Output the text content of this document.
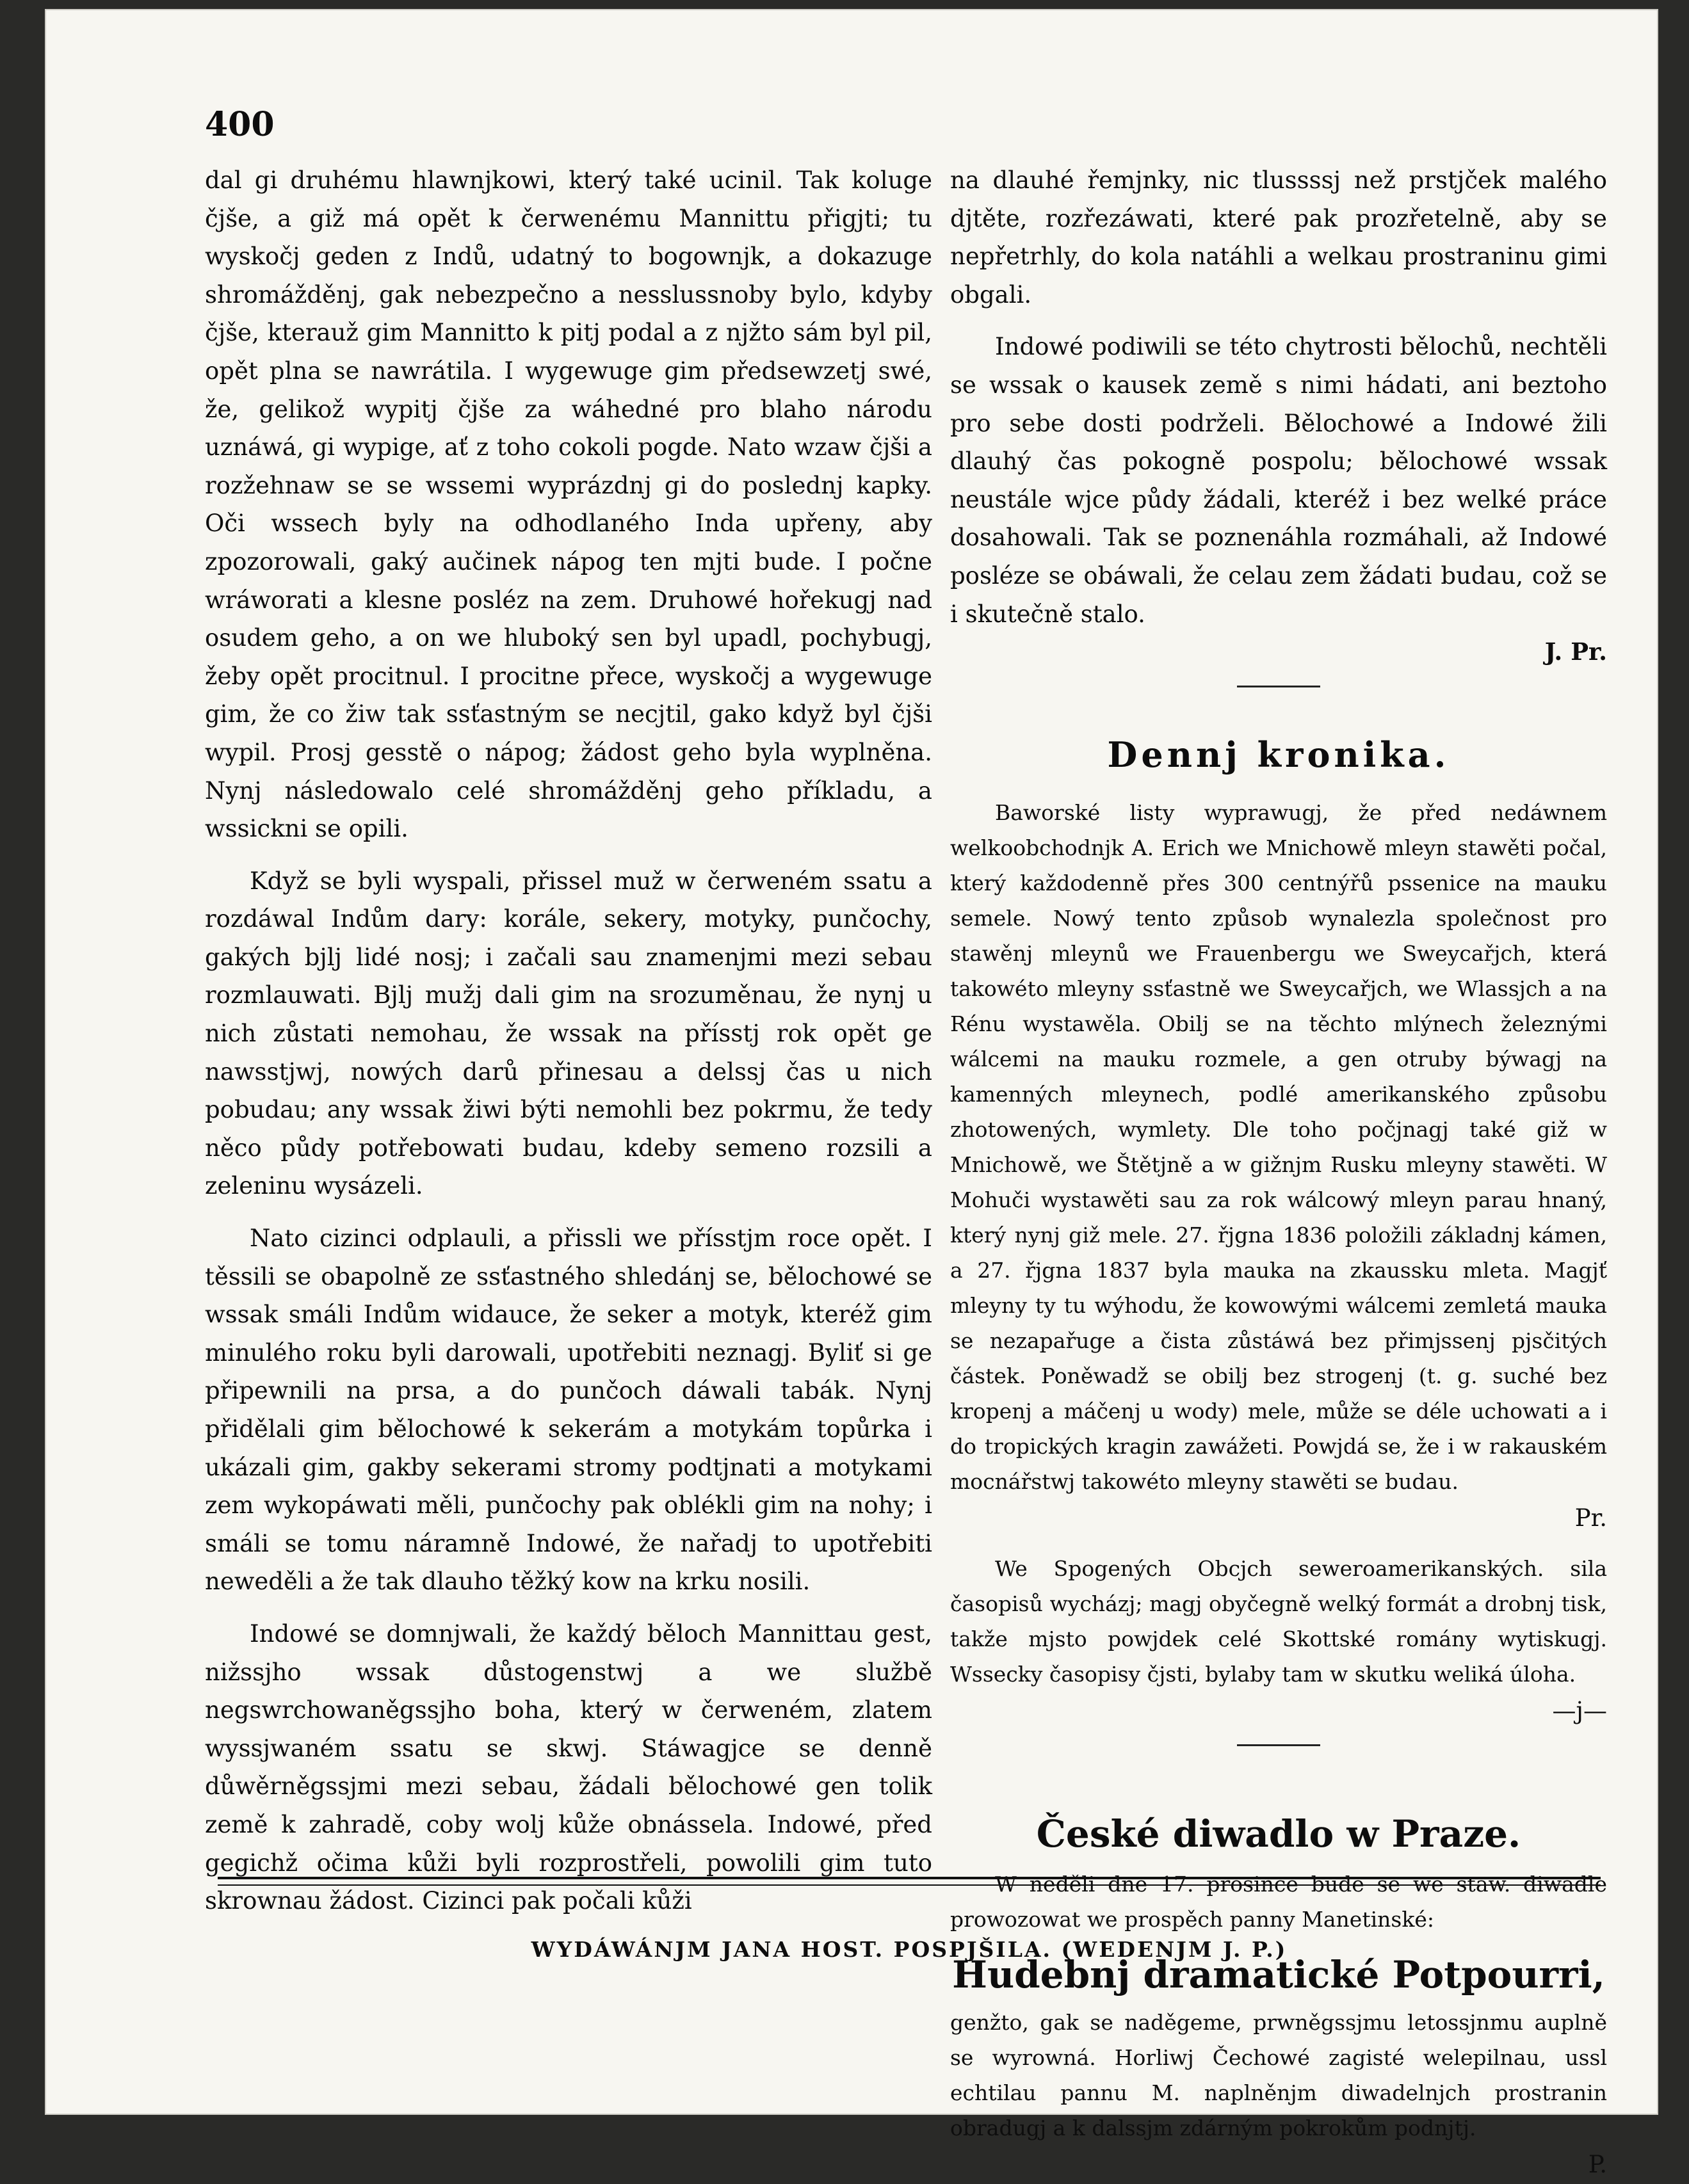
400

dal gi druhému hlawnjkowi, který také ucinil. Tak koluge čjše, a giž má opět k čerwenému Mannittu přigjti; tu wyskočj geden z Indů, udatný to bogownjk, a dokazuge shromážděnj, gak nebezpečno a nesslussnoby bylo, kdyby čjše, kterauž gim Mannitto k pitj podal a z njžto sám byl pil, opět plna se nawrátila. I wygewuge gim předsewzetj swé, že, gelikož wypitj čjše za wáhedné pro blaho národu uznáwá, gi wypige, ať z toho cokoli pogde. Nato wzaw čjši a rozžehnaw se se wssemi wyprázdnj gi do poslednj kapky. Oči wssech byly na odhodlaného Inda upřeny, aby zpozorowali, gaký aučinek nápog ten mjti bude. I počne wráworati a klesne posléz na zem. Druhowé hořekugj nad osudem geho, a on we hluboký sen byl upadl, pochybugj, žeby opět procitnul. I procitne přece, wyskočj a wygewuge gim, že co žiw tak ssťastným se necjtil, gako když byl čjši wypil. Prosj gesstě o nápog; žádost geho byla wyplněna. Nynj následowalo celé shromážděnj geho příkladu, a wssickni se opili.

Když se byli wyspali, přissel muž w čerweném ssatu a rozdáwal Indům dary: korále, sekery, motyky, punčochy, gakých bjlj lidé nosj; i začali sau znamenjmi mezi sebau rozmlauwati. Bjlj mužj dali gim na srozuměnau, že nynj u nich zůstati nemohau, že wssak na přísstj rok opět ge nawsstjwj, nowých darů přinesau a delssj čas u nich pobudau; any wssak žiwi býti nemohli bez pokrmu, že tedy něco půdy potřebowati budau, kdeby semeno rozsili a zeleninu wysázeli.

Nato cizinci odplauli, a přissli we přísstjm roce opět. I těssili se obapolně ze ssťastného shledánj se, bělochowé se wssak smáli Indům widauce, že seker a motyk, kteréž gim minulého roku byli darowali, upotřebiti neznagj. Byliť si ge připewnili na prsa, a do punčoch dáwali tabák. Nynj přidělali gim bělochowé k sekerám a motykám topůrka i ukázali gim, gakby sekerami stromy podtjnati a motykami zem wykopáwati měli, punčochy pak oblékli gim na nohy; i smáli se tomu náramně Indowé, že nařadj to upotřebiti neweděli a že tak dlauho těžký kow na krku nosili.

Indowé se domnjwali, že každý běloch Mannittau gest, nižssjho wssak důstogenstwj a we službě negswrchowaněgssjho boha, který w čerweném, zlatem wyssjwaném ssatu se skwj. Stáwagjce se denně důwěrněgssjmi mezi sebau, žádali bělochowé gen tolik země k zahradě, coby wolj kůže obnássela. Indowé, před gegichž očima kůži byli rozprostřeli, powolili gim tuto skrownau žádost. Cizinci pak počali kůži

na dlauhé řemjnky, nic tlussssj než prstjček malého djtěte, rozřezáwati, které pak prozřetelně, aby se nepřetrhly, do kola natáhli a welkau prostraninu gimi obgali.

Indowé podiwili se této chytrosti bělochů, nechtěli se wssak o kausek země s nimi hádati, ani beztoho pro sebe dosti podrželi. Bělochowé a Indowé žili dlauhý čas pokogně pospolu; bělochowé wssak neustále wjce půdy žádali, kteréž i bez welké práce dosahowali. Tak se poznenáhla rozmáhali, až Indowé posléze se obáwali, že celau zem žádati budau, což se i skutečně stalo.

J. Pr.

Dennj kronika.

Baworské listy wyprawugj, že před nedáwnem welkoobchodnjk A. Erich we Mnichowě mleyn stawěti počal, který každodenně přes 300 centnýřů pssenice na mauku semele. Nowý tento způsob wynalezla společnost pro stawěnj mleynů we Frauenbergu we Sweycařjch, která takowéto mleyny ssťastně we Sweycařjch, we Wlassjch a na Rénu wystawěla. Obilj se na těchto mlýnech železnými wálcemi na mauku rozmele, a gen otruby býwagj na kamenných mleynech, podlé amerikanského způsobu zhotowených, wymlety. Dle toho počjnagj také giž w Mnichowě, we Štětjně a w gižnjm Rusku mleyny stawěti. W Mohuči wystawěti sau za rok wálcowý mleyn parau hnaný, který nynj giž mele. 27. řjgna 1836 položili základnj kámen, a 27. řjgna 1837 byla mauka na zkaussku mleta. Magjť mleyny ty tu wýhodu, že kowowými wálcemi zemletá mauka se nezapařuge a čista zůstáwá bez přimjssenj pjsčitých částek. Poněwadž se obilj bez strogenj (t. g. suché bez kropenj a máčenj u wody) mele, může se déle uchowati a i do tropických kragin zawážeti. Powjdá se, že i w rakauském mocnářstwj takowéto mleyny stawěti se budau.

Pr.

We Spogených Obcjch seweroamerikanských. sila časopisů wycházj; magj obyčegně welký formát a drobnj tisk, takže mjsto powjdek celé Skottské romány wytiskugj. Wssecky časopisy čjsti, bylaby tam w skutku weliká úloha.

—j—

České diwadlo w Praze.

W neděli dne 17. prosince bude se we staw. diwadle prowozowat we prospěch panny Manetinské:

Hudebnj dramatické Potpourri,

genžto, gak se naděgeme, prwněgssjmu letossjnmu auplně se wyrowná. Horliwj Čechowé zagisté welepilnau, ussl echtilau pannu M. naplněnjm diwadelnjch prostranin obradugj a k dalssjm zdárným pokrokům podnjtj.

P.

WYDÁWÁNJM JANA HOST. POSPJŠILA. (WEDENJM J. P.)
